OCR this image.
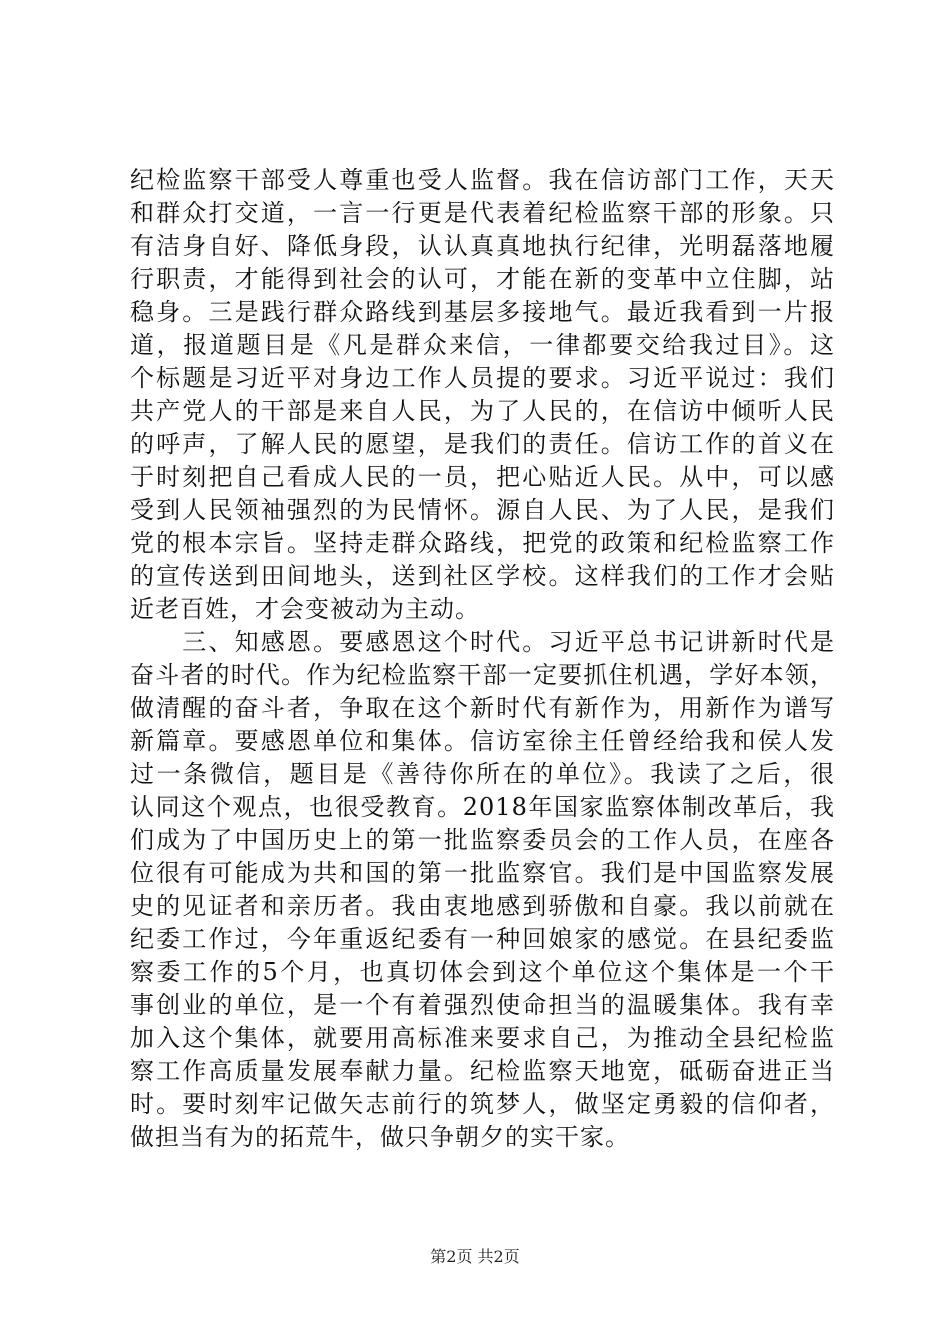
纪检监察干部受人尊重也受人监督。我在信访部门工作，天天
和群众打交道，一言一行更是代表着纪检监察干部的形象。只
有洁身自好、降低身段，认认真真地执行纪律，光明磊落地履
行职责，才能得到社会的认可，才能在新的变革中立住脚，站
稳身。三是践行群众路线到基层多接地气。最近我看到一片报
道，报道题目是《凡是群众来信，一律都要交给我过目》。这
个标题是习近平对身边工作人员提的要求。习近平说过：我们
共产党人的干部是来自人民，为了人民的，在信访中倾听人民
的呼声，了解人民的愿望，是我们的责任。信访工作的首义在
于时刻把自己看成人民的一员，把心贴近人民。从中，可以感
受到人民领袖强烈的为民情怀。源自人民、为了人民，是我们
党的根本宗旨。坚持走群众路线，把党的政策和纪检监察工作
的宣传送到田间地头，送到社区学校。这样我们的工作才会贴
近老百姓，才会变被动为主动。
　　三、知感恩。要感恩这个时代。习近平总书记讲新时代是
奋斗者的时代。作为纪检监察干部一定要抓住机遇，学好本领，
做清醒的奋斗者，争取在这个新时代有新作为，用新作为谱写
新篇章。要感恩单位和集体。信访室徐主任曾经给我和侯人发
过一条微信，题目是《善待你所在的单位》。我读了之后，很
认同这个观点，也很受教育。2018年国家监察体制改革后，我
们成为了中国历史上的第一批监察委员会的工作人员，在座各
位很有可能成为共和国的第一批监察官。我们是中国监察发展
史的见证者和亲历者。我由衷地感到骄傲和自豪。我以前就在
纪委工作过，今年重返纪委有一种回娘家的感觉。在县纪委监
察委工作的5个月，也真切体会到这个单位这个集体是一个干
事创业的单位，是一个有着强烈使命担当的温暖集体。我有幸
加入这个集体，就要用高标准来要求自己，为推动全县纪检监
察工作高质量发展奉献力量。纪检监察天地宽，砥砺奋进正当
时。要时刻牢记做矢志前行的筑梦人，做坚定勇毅的信仰者，
做担当有为的拓荒牛，做只争朝夕的实干家。
第2页 共2页
